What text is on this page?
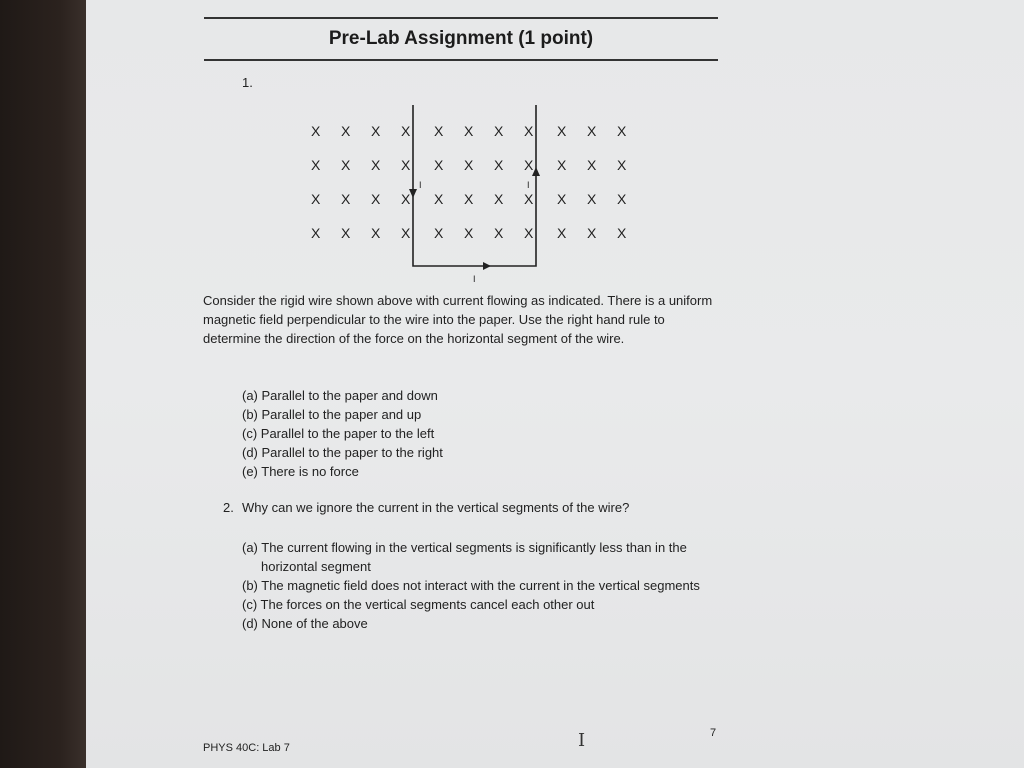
Pre-Lab Assignment (1 point)
1.
X X X X X X X X X X X
X X X X X X X X X X X
X X X X X X X X X X X
X X X X X X X X X X X
I
I
I
Consider the rigid wire shown above with current flowing as indicated. There is a uniform magnetic field perpendicular to the wire into the paper. Use the right hand rule to determine the direction of the force on the horizontal segment of the wire.
(a) Parallel to the paper and down
(b) Parallel to the paper and up
(c) Parallel to the paper to the left
(d) Parallel to the paper to the right
(e) There is no force
2. Why can we ignore the current in the vertical segments of the wire?
(a) The current flowing in the vertical segments is significantly less than in the horizontal segment
(b) The magnetic field does not interact with the current in the vertical segments
(c) The forces on the vertical segments cancel each other out
(d) None of the above
PHYS 40C: Lab 7
7
I
